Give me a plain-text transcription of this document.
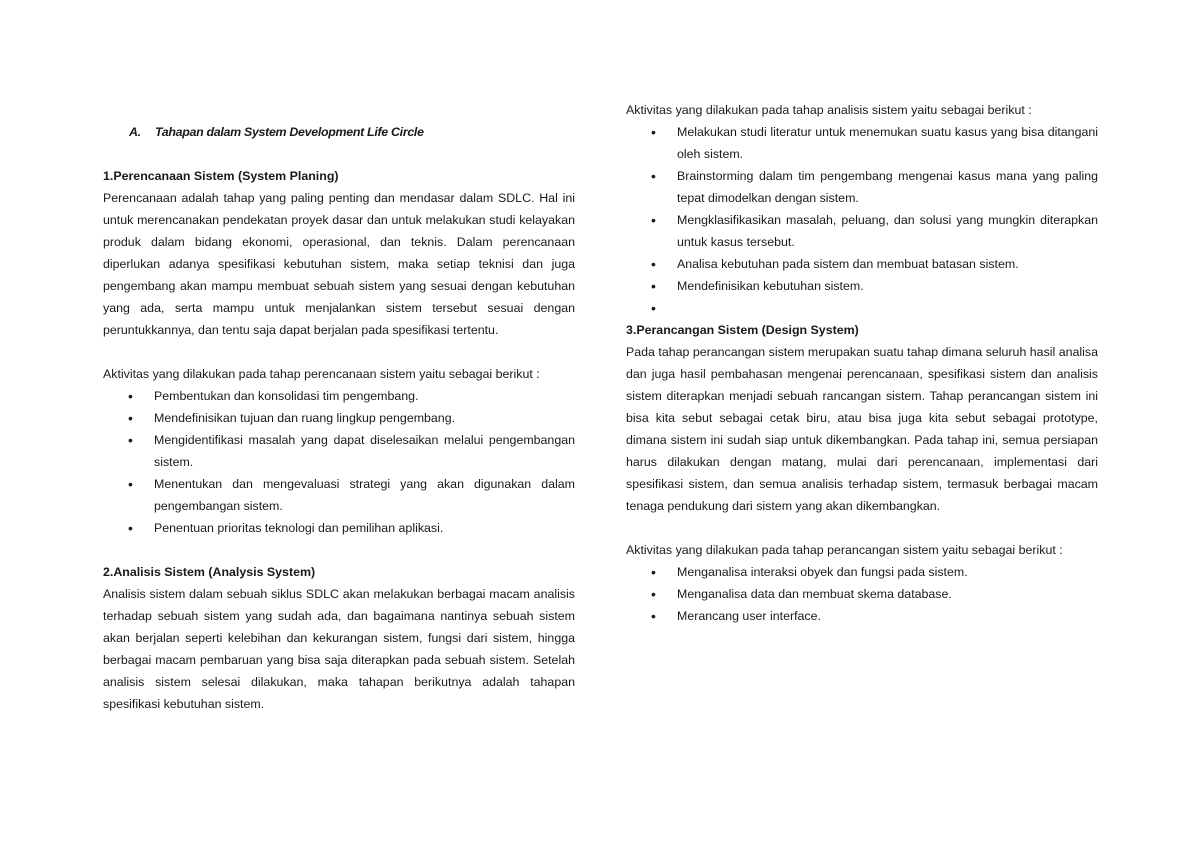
A. Tahapan dalam System Development Life Circle
1.Perencanaan Sistem (System Planing)

Perencanaan adalah tahap yang paling penting dan mendasar dalam SDLC. Hal ini untuk merencanakan pendekatan proyek dasar dan untuk melakukan studi kelayakan produk dalam bidang ekonomi, operasional, dan teknis. Dalam perencanaan diperlukan adanya spesifikasi kebutuhan sistem, maka setiap teknisi dan juga pengembang akan mampu membuat sebuah sistem yang sesuai dengan kebutuhan yang ada, serta mampu untuk menjalankan sistem tersebut sesuai dengan peruntukkannya, dan tentu saja dapat berjalan pada spesifikasi tertentu.

Aktivitas yang dilakukan pada tahap perencanaan sistem yaitu sebagai berikut :

• Pembentukan dan konsolidasi tim pengembang.
• Mendefinisikan tujuan dan ruang lingkup pengembang.
• Mengidentifikasi masalah yang dapat diselesaikan melalui pengembangan sistem.
• Menentukan dan mengevaluasi strategi yang akan digunakan dalam pengembangan sistem.
• Penentuan prioritas teknologi dan pemilihan aplikasi.
2.Analisis Sistem (Analysis System)

Analisis sistem dalam sebuah siklus SDLC akan melakukan berbagai macam analisis terhadap sebuah sistem yang sudah ada, dan bagaimana nantinya sebuah sistem akan berjalan seperti kelebihan dan kekurangan sistem, fungsi dari sistem, hingga berbagai macam pembaruan yang bisa saja diterapkan pada sebuah sistem. Setelah analisis sistem selesai dilakukan, maka tahapan berikutnya adalah tahapan spesifikasi kebutuhan sistem.

Aktivitas yang dilakukan pada tahap analisis sistem yaitu sebagai berikut :

• Melakukan studi literatur untuk menemukan suatu kasus yang bisa ditangani oleh sistem.
• Brainstorming dalam tim pengembang mengenai kasus mana yang paling tepat dimodelkan dengan sistem.
• Mengklasifikasikan masalah, peluang, dan solusi yang mungkin diterapkan untuk kasus tersebut.
• Analisa kebutuhan pada sistem dan membuat batasan sistem.
• Mendefinisikan kebutuhan sistem.
•

3.Perancangan Sistem (Design System)

Pada tahap perancangan sistem merupakan suatu tahap dimana seluruh hasil analisa dan juga hasil pembahasan mengenai perencanaan, spesifikasi sistem dan analisis sistem diterapkan menjadi sebuah rancangan sistem. Tahap perancangan sistem ini bisa kita sebut sebagai cetak biru, atau bisa juga kita sebut sebagai prototype, dimana sistem ini sudah siap untuk dikembangkan. Pada tahap ini, semua persiapan harus dilakukan dengan matang, mulai dari perencanaan, implementasi dari spesifikasi sistem, dan semua analisis terhadap sistem, termasuk berbagai macam tenaga pendukung dari sistem yang akan dikembangkan.

Aktivitas yang dilakukan pada tahap perancangan sistem yaitu sebagai berikut :

• Menganalisa interaksi obyek dan fungsi pada sistem.
• Menganalisa data dan membuat skema database.
• Merancang user interface.
